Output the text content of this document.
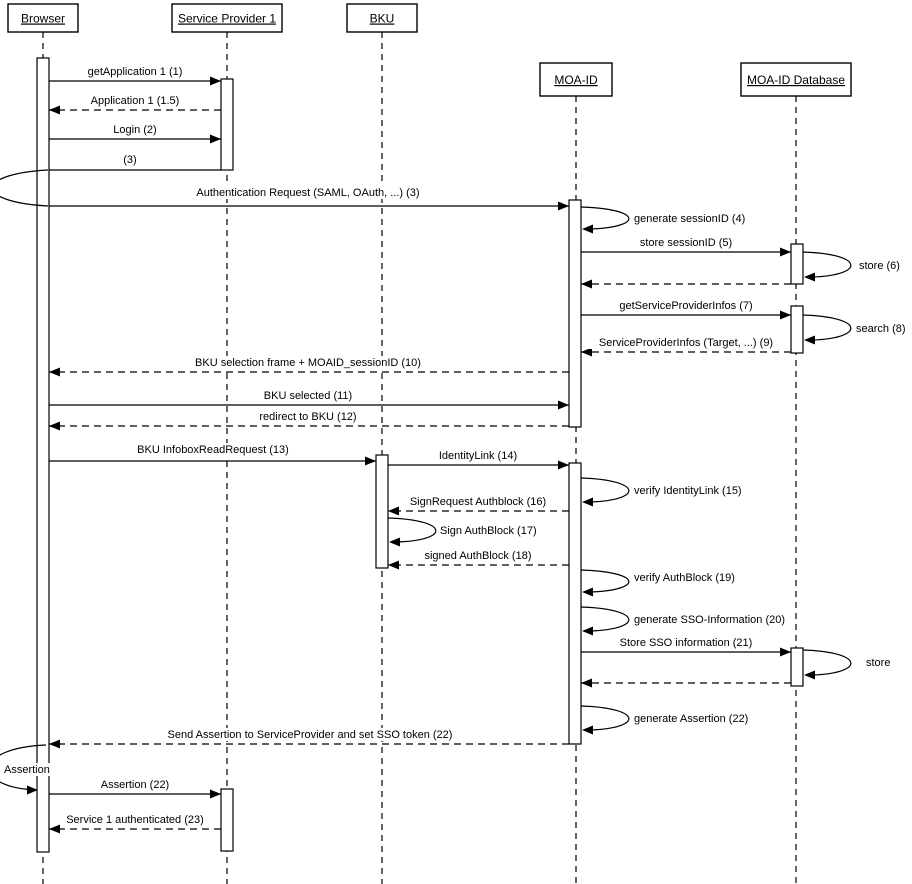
getApplication 1 (1)
Application 1 (1.5)
Login (2)
(3)
Authentication Request (SAML, OAuth, ...) (3)
store sessionID (5)
getServiceProviderInfos (7)
ServiceProviderInfos (Target, ...) (9)
BKU selection frame + MOAID_sessionID (10)
BKU selected (11)
redirect to BKU (12)
BKU InfoboxReadRequest (13)	IdentityLink (14)
SignRequest Authblock (16)
signed AuthBlock (18)
Store SSO information (21)
Send Assertion to ServiceProvider and set SSO token (22)
Assertion (22)
Service 1 authenticated (23)
generate sessionID (4)
store (6)
search (8)
verify IdentityLink (15)
Sign AuthBlock (17)
verify AuthBlock (19)
generate SSO-Information (20)
store
generate Assertion (22)
Assertion
Browser	Service Provider 1	BKU
MOA-ID	MOA-ID Database
